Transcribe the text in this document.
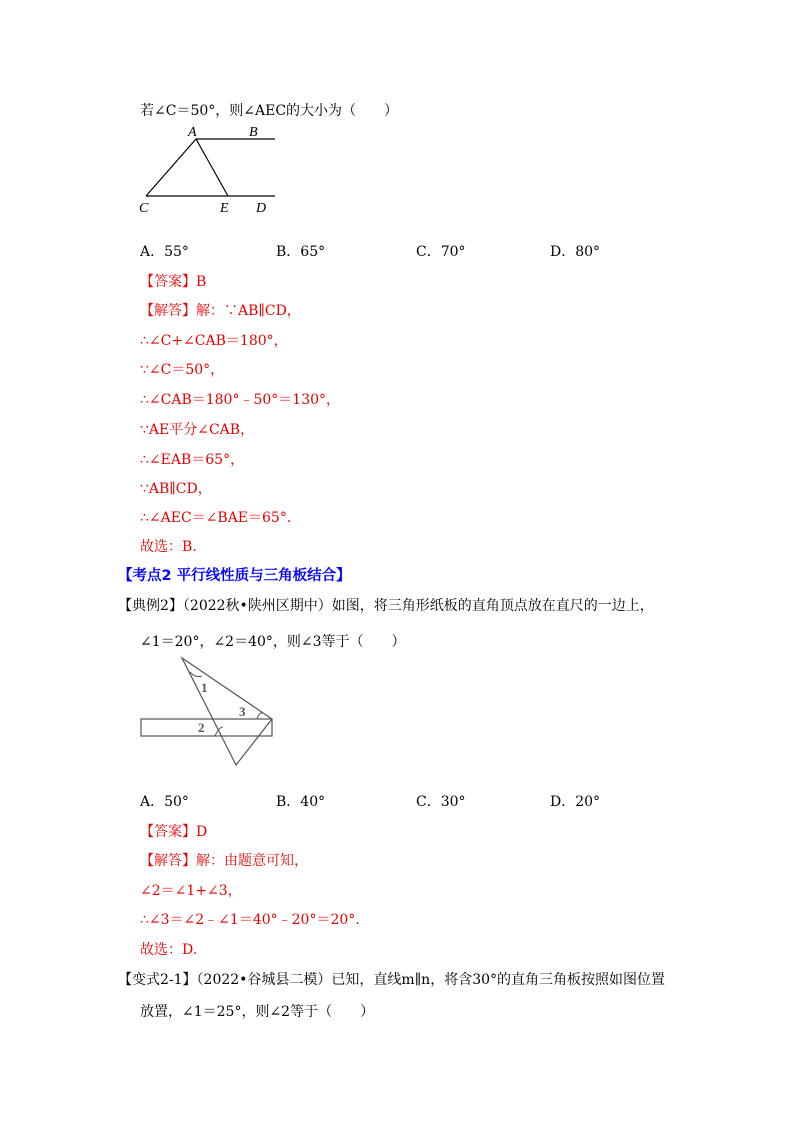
若∠C＝50°，则∠AEC的大小为（　　）
A	B
C	E D
A．55°	B．65°	C．70°	D．80°
【答案】B
【解答】解：∵AB∥CD，
∴∠C+∠CAB＝180°，
∵∠C＝50°，
∴∠CAB＝180°﹣50°＝130°，
∵AE平分∠CAB，
∴∠EAB＝65°，
∵AB∥CD，
∴∠AEC＝∠BAE＝65°.
故选：B.
【考点2 平行线性质与三角板结合】
【典例2】（2022秋•陕州区期中）如图，将三角形纸板的直角顶点放在直尺的一边上，
∠1＝20°，∠2＝40°，则∠3等于（　　）
1
3
2
A．50°	B．40°	C．30°	D．20°
【答案】D
【解答】解：由题意可知，
∠2＝∠1+∠3，
∴∠3＝∠2﹣∠1＝40°﹣20°＝20°.
故选：D.
【变式2-1】（2022•谷城县二模）已知，直线m∥n，将含30°的直角三角板按照如图位置
放置，∠1＝25°，则∠2等于（　　）
